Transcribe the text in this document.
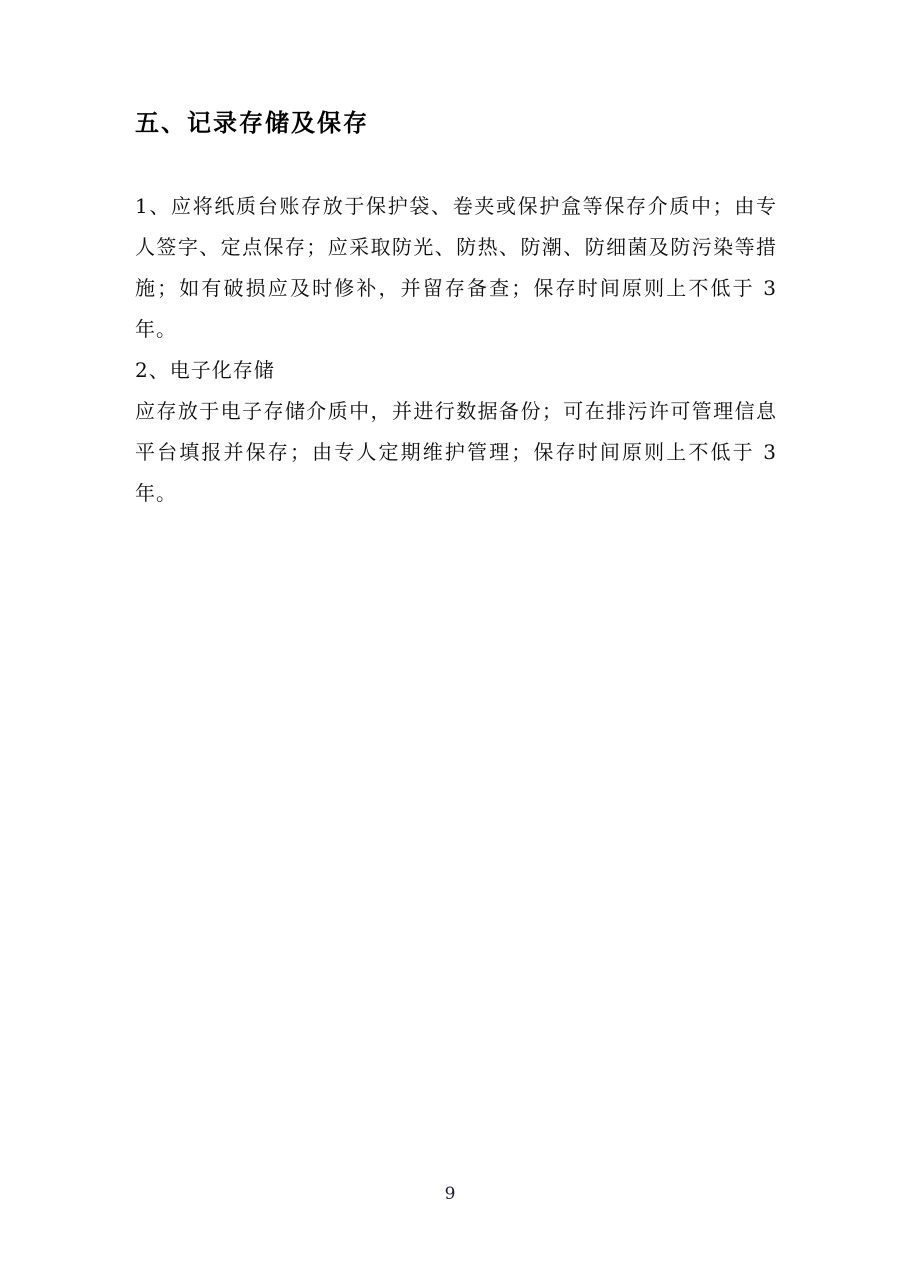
五、记录存储及保存

1、应将纸质台账存放于保护袋、卷夹或保护盒等保存介质中；由专人签字、定点保存；应采取防光、防热、防潮、防细菌及防污染等措施；如有破损应及时修补，并留存备查；保存时间原则上不低于 3 年。

2、电子化存储

应存放于电子存储介质中，并进行数据备份；可在排污许可管理信息平台填报并保存；由专人定期维护管理；保存时间原则上不低于 3 年。

9
